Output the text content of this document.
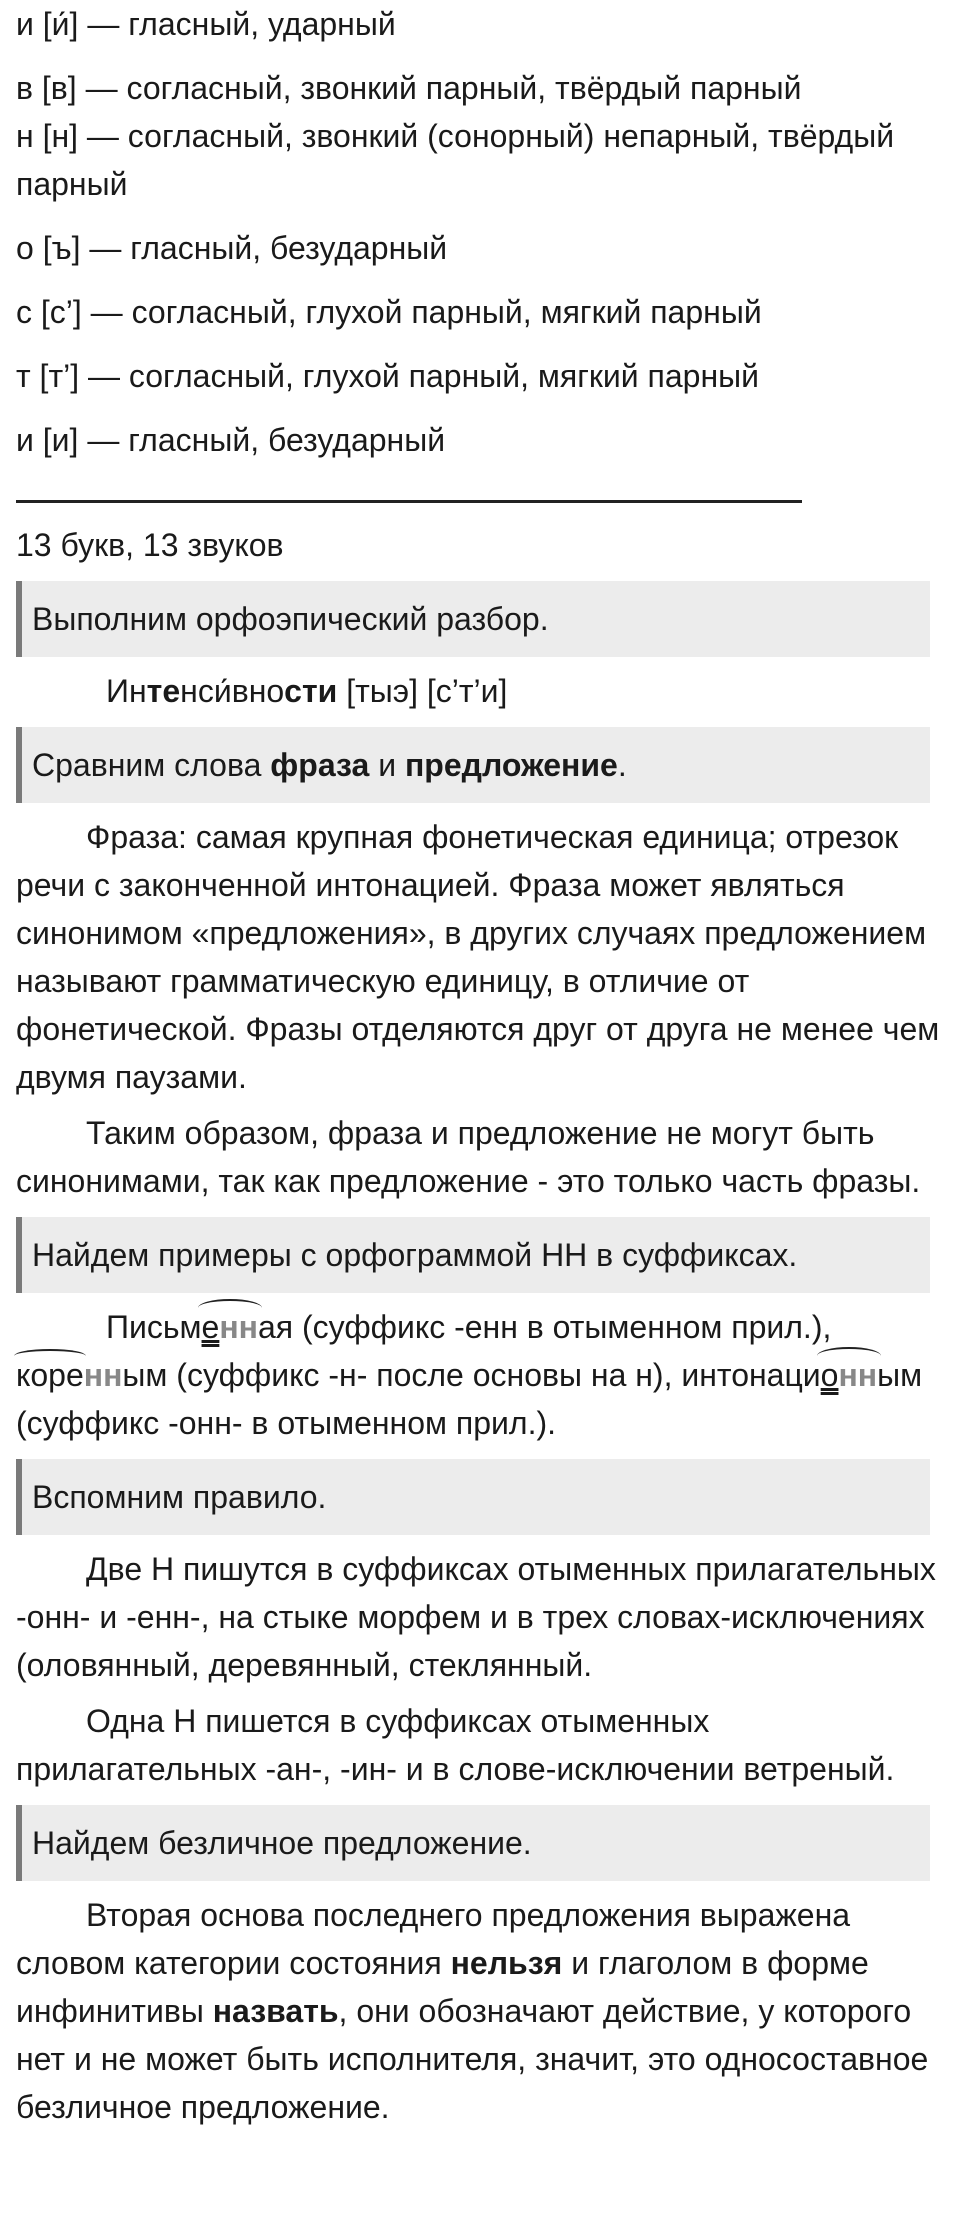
и [и́] — гласный, ударный

в [в] — согласный, звонкий парный, твёрдый парный

н [н] — согласный, звонкий (сонорный) непарный, твёрдый парный

о [ъ] — гласный, безударный

с [с’] — согласный, глухой парный, мягкий парный

т [т’] — согласный, глухой парный, мягкий парный

и [и] — гласный, безударный

13 букв, 13 звуков

Выполним орфоэпический разбор.

Интенси́вности [тыэ] [с’т’и]

Сравним слова фраза и предложение.

Фраза: самая крупная фонетическая единица; отрезок речи с законченной интонацией. Фраза может являться синонимом «предложения», в других случаях предложением называют грамматическую единицу, в отличие от фонетической. Фразы отделяются друг от друга не менее чем двумя паузами.

Таким образом, фраза и предложение не могут быть синонимами, так как предложение - это только часть фразы.

Найдем примеры с орфограммой НН в суффиксах.
Письменная (суффикс -енн в отыменном прил.),
коренным (суффикс -н- после основы на н), интонационным
(суффикс -онн- в отыменном прил.).
Вспомним правило.

Две Н пишутся в суффиксах отыменных прилагательных -онн- и -енн-, на стыке морфем и в трех словах-исключениях (оловянный, деревянный, стеклянный.

Одна Н пишется в суффиксах отыменных прилагательных -ан-, -ин- и в слове-исключении ветреный.

Найдем безличное предложение.

Вторая основа последнего предложения выражена словом категории состояния нельзя и глаголом в форме инфинитивы назвать, они обозначают действие, у которого нет и не может быть исполнителя, значит, это односоставное безличное предложение.
